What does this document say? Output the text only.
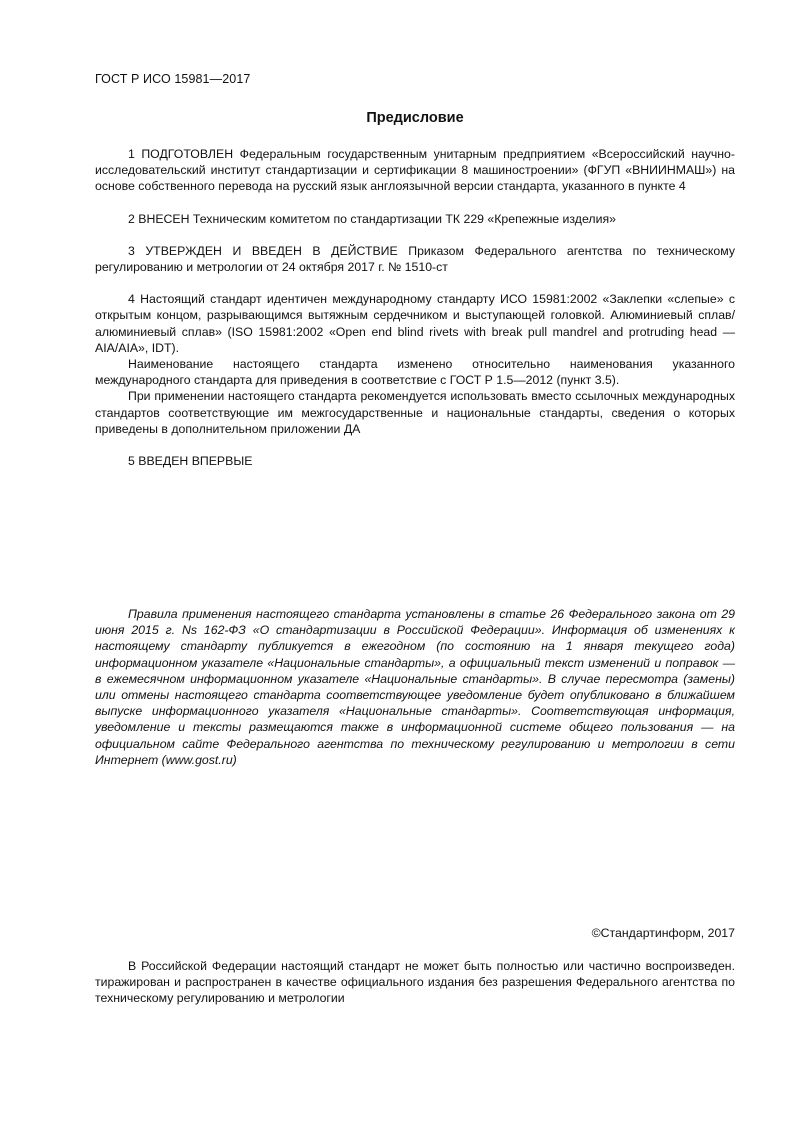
ГОСТ Р ИСО 15981—2017
Предисловие

1 ПОДГОТОВЛЕН Федеральным государственным унитарным предприятием «Всероссийский научно-исследовательский институт стандартизации и сертификации 8 машиностроении» (ФГУП «ВНИИНМАШ») на основе собственного перевода на русский язык англоязычной версии стандарта, указанного в пункте 4

2 ВНЕСЕН Техническим комитетом по стандартизации ТК 229 «Крепежные изделия»

3 УТВЕРЖДЕН И ВВЕДЕН В ДЕЙСТВИЕ Приказом Федерального агентства по техническому регулированию и метрологии от 24 октября 2017 г. № 1510-ст

4 Настоящий стандарт идентичен международному стандарту ИСО 15981:2002 «Заклепки «слепые» с открытым концом, разрывающимся вытяжным сердечником и выступающей головкой. Алюминиевый сплав/алюминиевый сплав» (ISO 15981:2002 «Open end blind rivets with break pull mandrel and protruding head —AIA/AIA», IDT).

Наименование настоящего стандарта изменено относительно наименования указанного международного стандарта для приведения в соответствие с ГОСТ Р 1.5—2012 (пункт 3.5).

При применении настоящего стандарта рекомендуется использовать вместо ссылочных международных стандартов соответствующие им межгосударственные и национальные стандарты, сведения о которых приведены в дополнительном приложении ДА

5 ВВЕДЕН ВПЕРВЫЕ

Правила применения настоящего стандарта установлены в статье 26 Федерального закона от 29 июня 2015 г. Ns 162-ФЗ «О стандартизации в Российской Федерации». Информация об изменениях к настоящему стандарту публикуется в ежегодном (по состоянию на 1 января текущего года) информационном указателе «Национальные стандарты», а официальный текст изменений и поправок — в ежемесячном информационном указателе «Национальные стандарты». В случае пересмотра (замены) или отмены настоящего стандарта соответствующее уведомление будет опубликовано в ближайшем выпуске информационного указателя «Национальные стандарты». Соответствующая информация, уведомление и тексты размещаются также в информационной системе общего пользования — на официальном сайте Федерального агентства по техническому регулированию и метрологии в сети Интернет (www.gost.ru)

©Стандартинформ, 2017

В Российской Федерации настоящий стандарт не может быть полностью или частично воспроизведен. тиражирован и распространен в качестве официального издания без разрешения Федерального агентства по техническому регулированию и метрологии
